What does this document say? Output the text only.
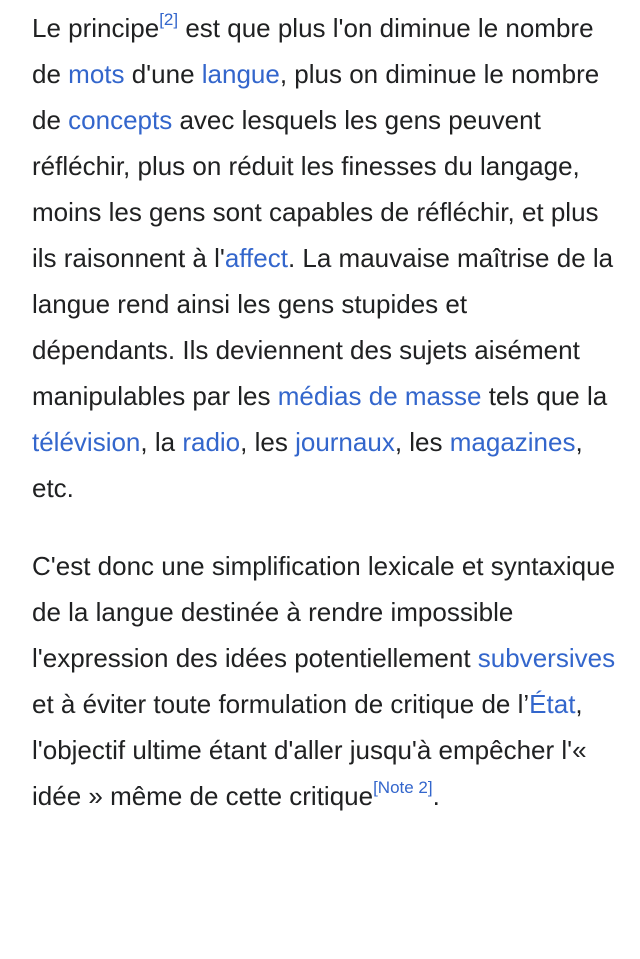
Le principe[2] est que plus l'on diminue le nombre de mots d'une langue, plus on diminue le nombre de concepts avec lesquels les gens peuvent réfléchir, plus on réduit les finesses du langage, moins les gens sont capables de réfléchir, et plus ils raisonnent à l'affect. La mauvaise maîtrise de la langue rend ainsi les gens stupides et dépendants. Ils deviennent des sujets aisément manipulables par les médias de masse tels que la télévision, la radio, les journaux, les magazines, etc.

C'est donc une simplification lexicale et syntaxique de la langue destinée à rendre impossible l'expression des idées potentiellement subversives et à éviter toute formulation de critique de l’État, l'objectif ultime étant d'aller jusqu'à empêcher l'« idée » même de cette critique[Note 2].
